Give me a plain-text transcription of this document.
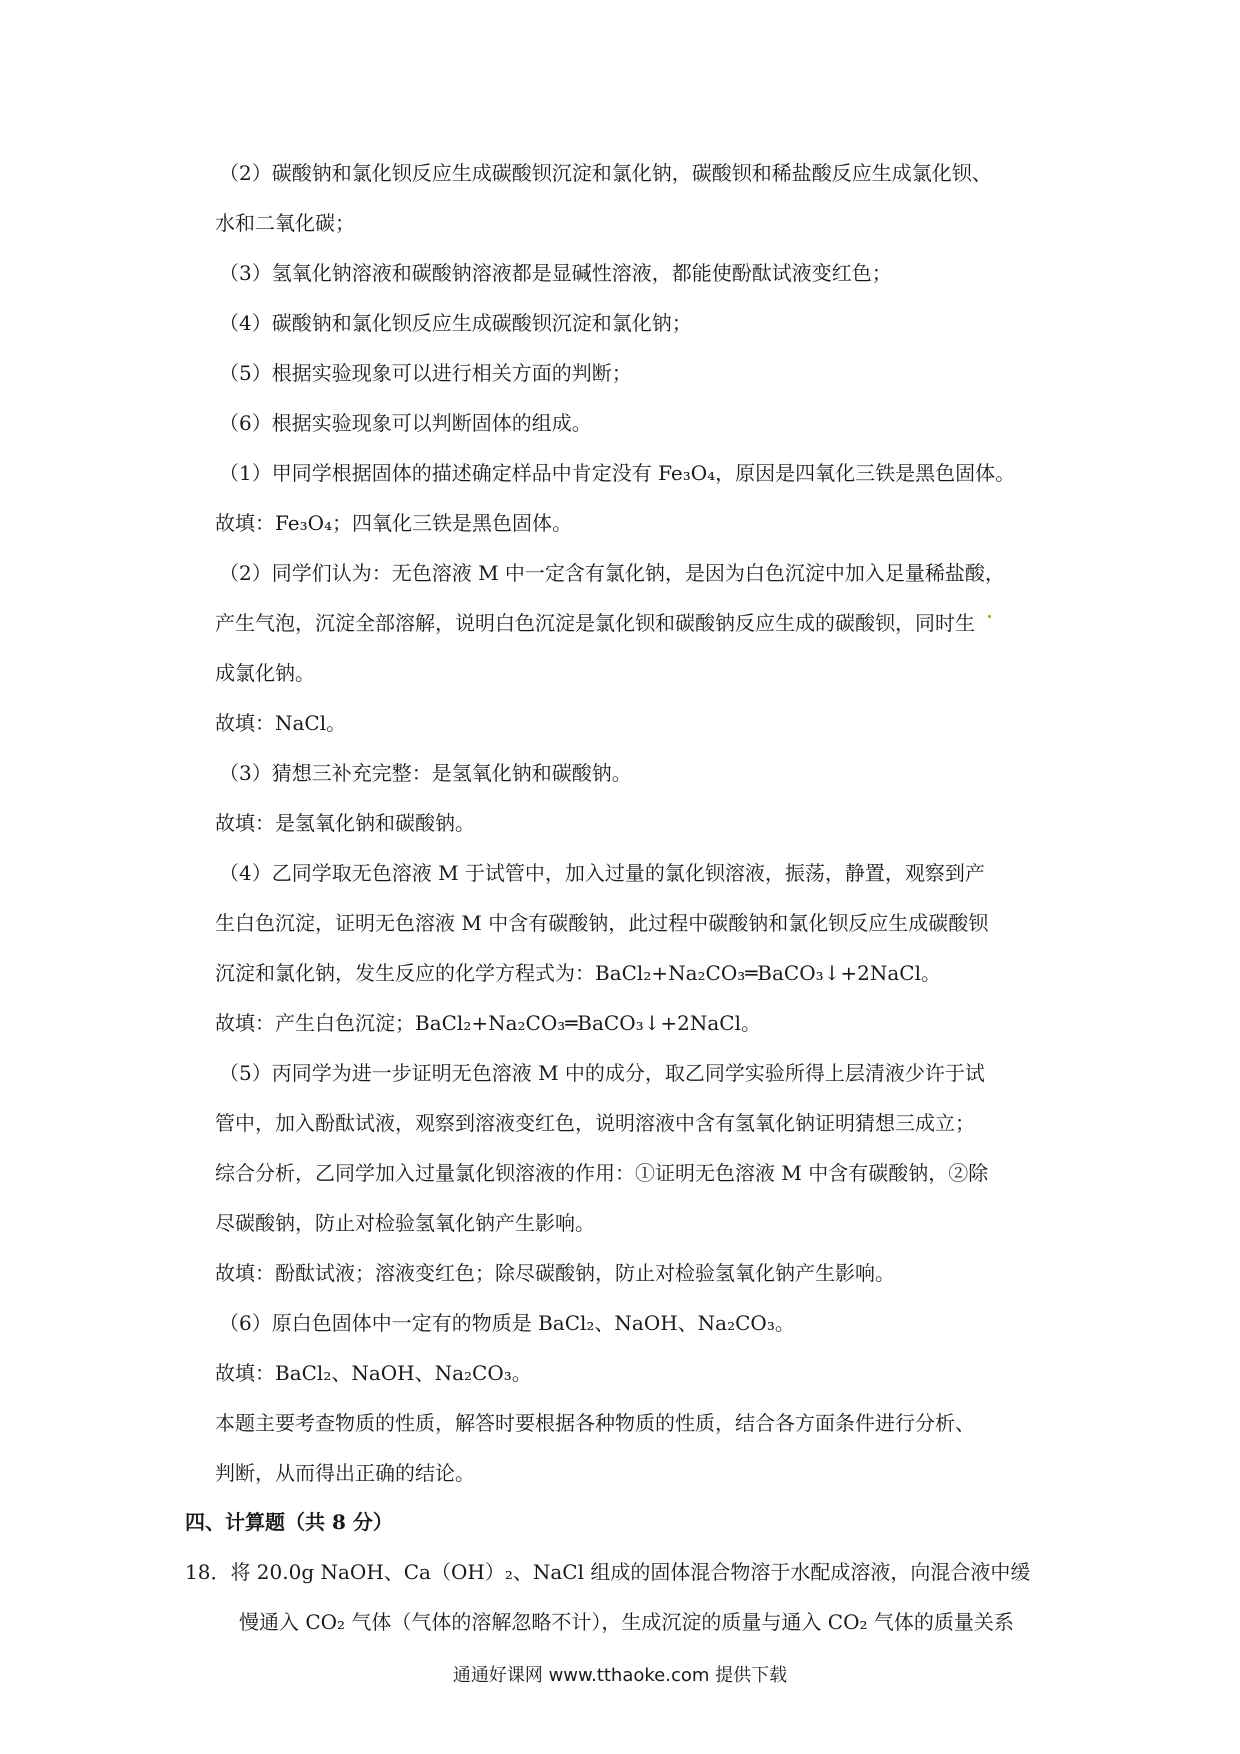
（2）碳酸钠和氯化钡反应生成碳酸钡沉淀和氯化钠，碳酸钡和稀盐酸反应生成氯化钡、
水和二氧化碳；
（3）氢氧化钠溶液和碳酸钠溶液都是显碱性溶液，都能使酚酞试液变红色；
（4）碳酸钠和氯化钡反应生成碳酸钡沉淀和氯化钠；
（5）根据实验现象可以进行相关方面的判断；
（6）根据实验现象可以判断固体的组成。
（1）甲同学根据固体的描述确定样品中肯定没有 Fe₃O₄，原因是四氧化三铁是黑色固体。
故填：Fe₃O₄；四氧化三铁是黑色固体。
（2）同学们认为：无色溶液 M 中一定含有氯化钠，是因为白色沉淀中加入足量稀盐酸，
产生气泡，沉淀全部溶解，说明白色沉淀是氯化钡和碳酸钠反应生成的碳酸钡，同时生
成氯化钠。
故填：NaCl。
（3）猜想三补充完整：是氢氧化钠和碳酸钠。
故填：是氢氧化钠和碳酸钠。
（4）乙同学取无色溶液 M 于试管中，加入过量的氯化钡溶液，振荡，静置，观察到产
生白色沉淀，证明无色溶液 M 中含有碳酸钠，此过程中碳酸钠和氯化钡反应生成碳酸钡
沉淀和氯化钠，发生反应的化学方程式为：BaCl₂+Na₂CO₃═BaCO₃↓+2NaCl。
故填：产生白色沉淀；BaCl₂+Na₂CO₃═BaCO₃↓+2NaCl。
（5）丙同学为进一步证明无色溶液 M 中的成分，取乙同学实验所得上层清液少许于试
管中，加入酚酞试液，观察到溶液变红色，说明溶液中含有氢氧化钠证明猜想三成立；
综合分析，乙同学加入过量氯化钡溶液的作用：①证明无色溶液 M 中含有碳酸钠，②除
尽碳酸钠，防止对检验氢氧化钠产生影响。
故填：酚酞试液；溶液变红色；除尽碳酸钠，防止对检验氢氧化钠产生影响。
（6）原白色固体中一定有的物质是 BaCl₂、NaOH、Na₂CO₃。
故填：BaCl₂、NaOH、Na₂CO₃。
本题主要考查物质的性质，解答时要根据各种物质的性质，结合各方面条件进行分析、
判断，从而得出正确的结论。
四、计算题（共 8 分）
18．将 20.0g NaOH、Ca（OH）₂、NaCl 组成的固体混合物溶于水配成溶液，向混合液中缓
慢通入 CO₂ 气体（气体的溶解忽略不计），生成沉淀的质量与通入 CO₂ 气体的质量关系
通通好课网 www.tthaoke.com 提供下载
